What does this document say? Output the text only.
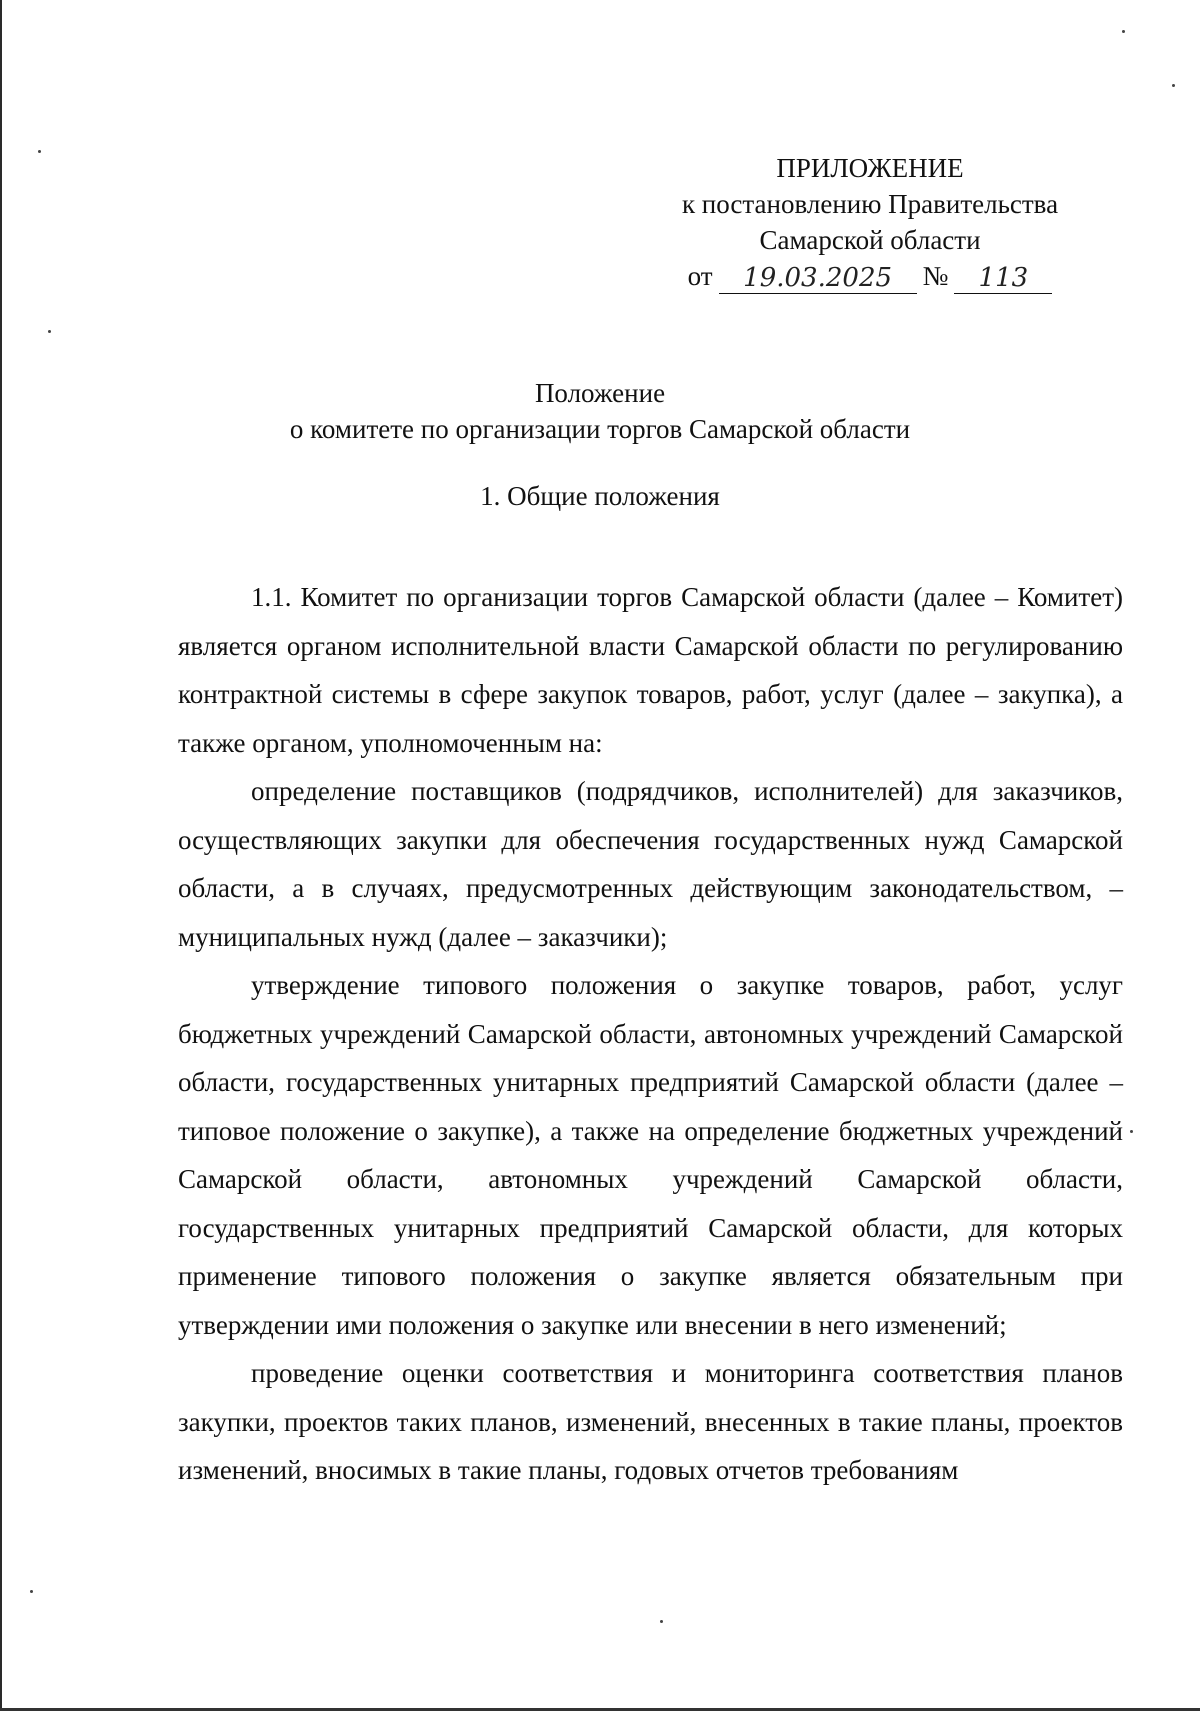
ПРИЛОЖЕНИЕ
к постановлению Правительства
Самарской области
от	19.03.2025	№	113
Положение
о комитете по организации торгов Самарской области
1. Общие положения

1.1. Комитет по организации торгов Самарской области (далее – Комитет) является органом исполнительной власти Самарской области по регулированию контрактной системы в сфере закупок товаров, работ, услуг (далее – закупка), а также органом, уполномоченным на:

определение поставщиков (подрядчиков, исполнителей) для заказчиков, осуществляющих закупки для обеспечения государственных нужд Самарской области, а в случаях, предусмотренных действующим законодательством, – муниципальных нужд (далее – заказчики);

утверждение типового положения о закупке товаров, работ, услуг бюджетных учреждений Самарской области, автономных учреждений Самарской области, государственных унитарных предприятий Самарской области (далее – типовое положение о закупке), а также на определение бюджетных учреждений Самарской области, автономных учреждений Самарской области, государственных унитарных предприятий Самарской области, для которых применение типового положения о закупке является обязательным при утверждении ими положения о закупке или внесении в него изменений;

проведение оценки соответствия и мониторинга соответствия планов закупки, проектов таких планов, изменений, внесенных в такие планы, проектов изменений, вносимых в такие планы, годовых отчетов требованиям
